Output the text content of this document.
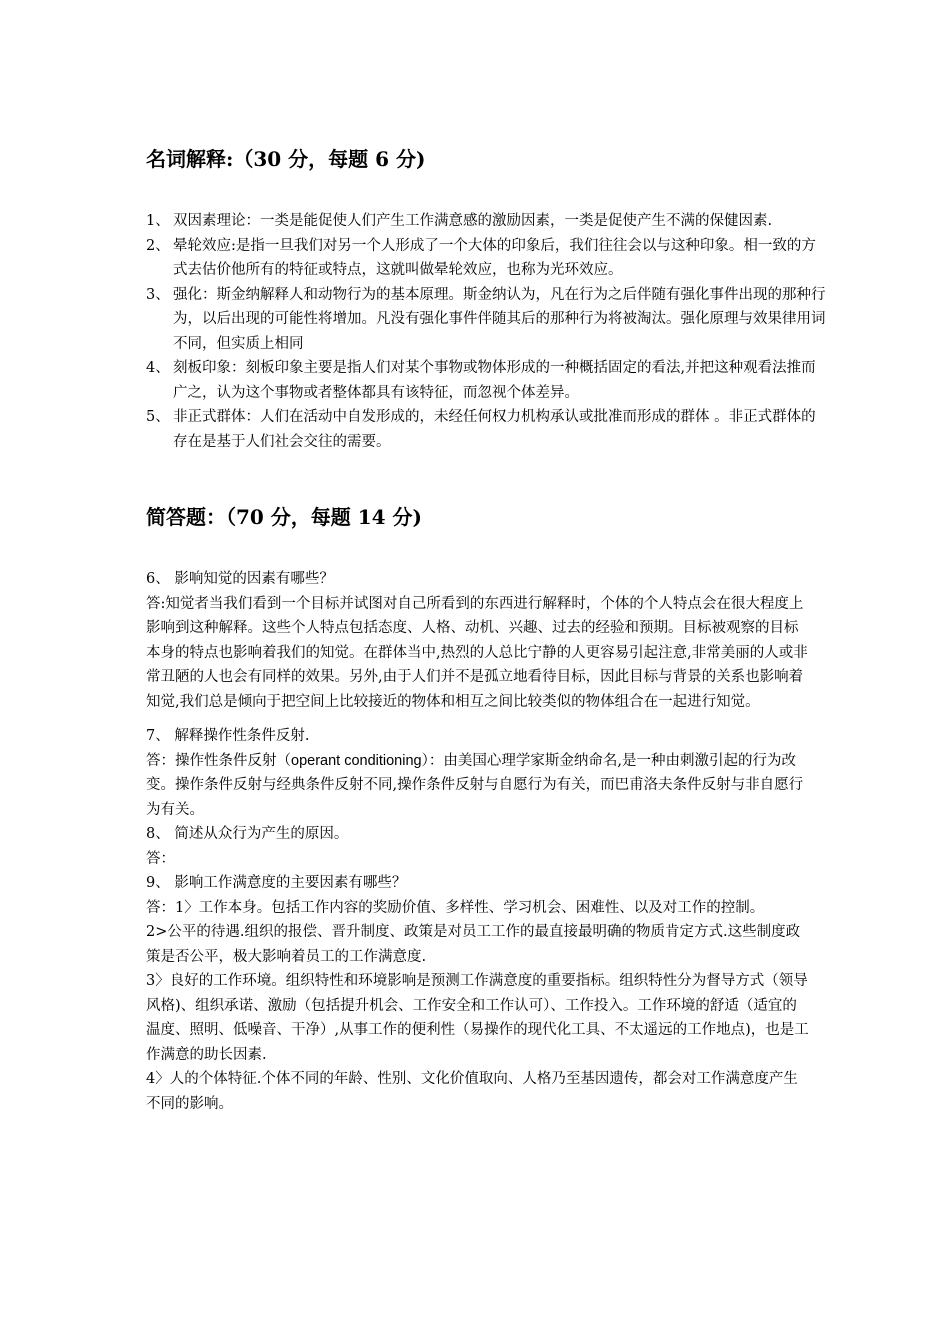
名词解释:（30 分，每题 6 分)
1、 双因素理论：一类是能促使人们产生工作满意感的激励因素，一类是促使产生不满的保健因素.
2、 晕轮效应:是指一旦我们对另一个人形成了一个大体的印象后，我们往往会以与这种印象。相一致的方式去估价他所有的特征或特点，这就叫做晕轮效应，也称为光环效应。
3、 强化：斯金纳解释人和动物行为的基本原理。斯金纳认为，凡在行为之后伴随有强化事件出现的那种行为，以后出现的可能性将增加。凡没有强化事件伴随其后的那种行为将被淘汰。强化原理与效果律用词不同，但实质上相同
4、 刻板印象：刻板印象主要是指人们对某个事物或物体形成的一种概括固定的看法,并把这种观看法推而广之，认为这个事物或者整体都具有该特征，而忽视个体差异。
5、 非正式群体：人们在活动中自发形成的，未经任何权力机构承认或批准而形成的群体 。非正式群体的存在是基于人们社会交往的需要。
简答题：（70 分，每题 14 分)

6、 影响知觉的因素有哪些？

答:知觉者当我们看到一个目标并试图对自己所看到的东西进行解释时，个体的个人特点会在很大程度上影响到这种解释。这些个人特点包括态度、人格、动机、兴趣、过去的经验和预期。目标被观察的目标本身的特点也影响着我们的知觉。在群体当中,热烈的人总比宁静的人更容易引起注意,非常美丽的人或非常丑陋的人也会有同样的效果。另外,由于人们并不是孤立地看待目标，因此目标与背景的关系也影响着知觉,我们总是倾向于把空间上比较接近的物体和相互之间比较类似的物体组合在一起进行知觉。

7、 解释操作性条件反射.

答：操作性条件反射（operant conditioning）：由美国心理学家斯金纳命名,是一种由刺激引起的行为改变。操作条件反射与经典条件反射不同,操作条件反射与自愿行为有关，而巴甫洛夫条件反射与非自愿行为有关。

8、 简述从众行为产生的原因。

答：

9、 影响工作满意度的主要因素有哪些？

答：1〉工作本身。包括工作内容的奖励价值、多样性、学习机会、困难性、以及对工作的控制。

2>公平的待遇.组织的报偿、晋升制度、政策是对员工工作的最直接最明确的物质肯定方式.这些制度政策是否公平，极大影响着员工的工作满意度.

3〉良好的工作环境。组织特性和环境影响是预测工作满意度的重要指标。组织特性分为督导方式（领导风格)、组织承诺、激励（包括提升机会、工作安全和工作认可）、工作投入。工作环境的舒适（适宜的温度、照明、低噪音、干净）,从事工作的便利性（易操作的现代化工具、不太遥远的工作地点)，也是工作满意的助长因素.

4〉人的个体特征.个体不同的年龄、性别、文化价值取向、人格乃至基因遗传，都会对工作满意度产生不同的影响。
